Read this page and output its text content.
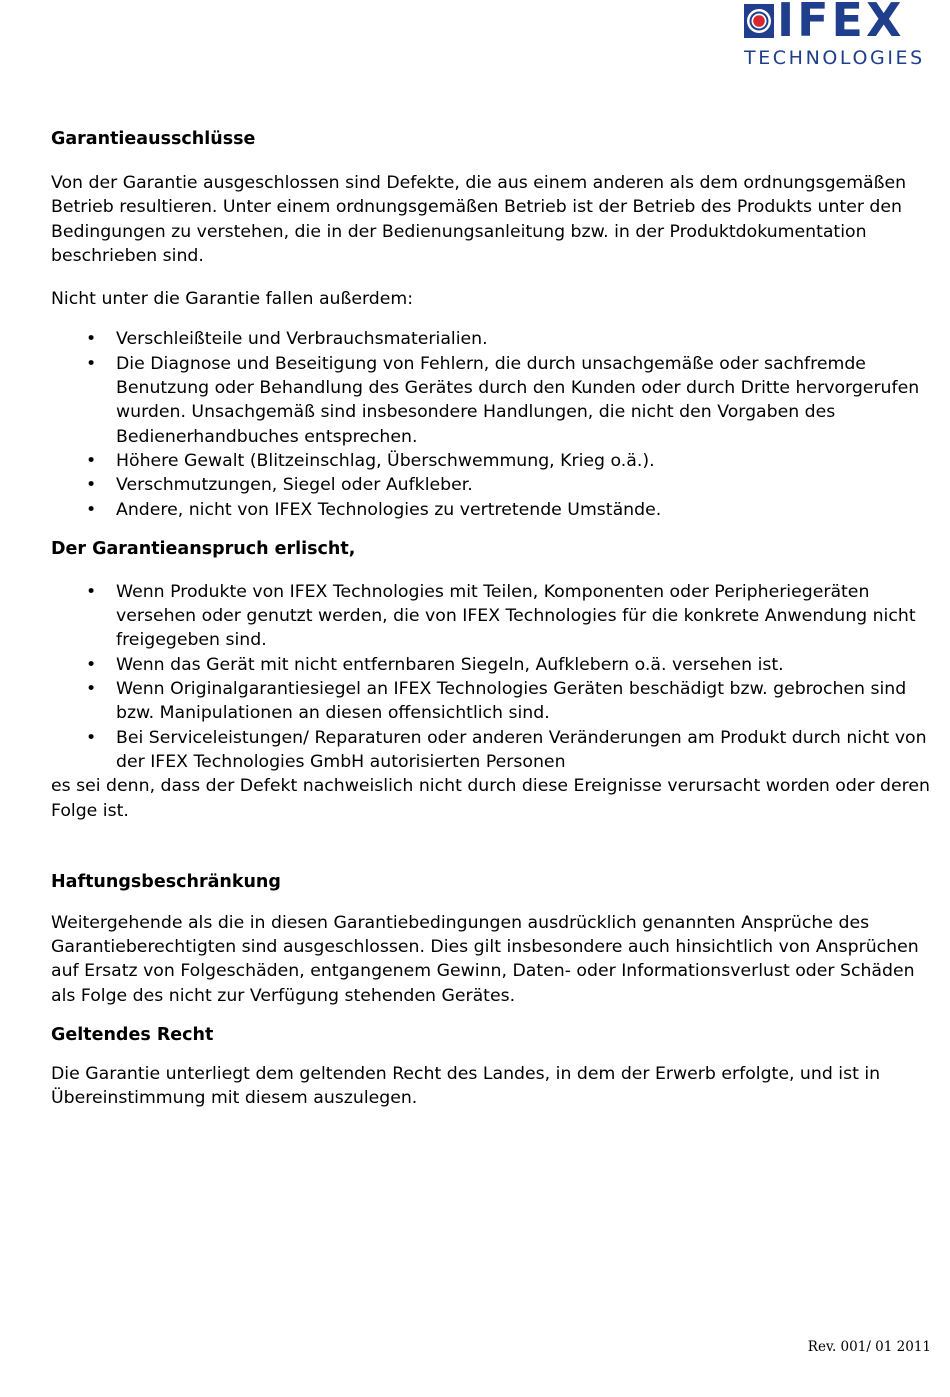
IFEX
TECHNOLOGIES
Garantieausschlüsse

Von der Garantie ausgeschlossen sind Defekte, die aus einem anderen als dem ordnungsgemäßen Betrieb resultieren. Unter einem ordnungsgemäßen Betrieb ist der Betrieb des Produkts unter den Bedingungen zu verstehen, die in der Bedienungsanleitung bzw. in der Produktdokumentation beschrieben sind.

Nicht unter die Garantie fallen außerdem:

• Verschleißteile und Verbrauchsmaterialien.
• Die Diagnose und Beseitigung von Fehlern, die durch unsachgemäße oder sachfremde Benutzung oder Behandlung des Gerätes durch den Kunden oder durch Dritte hervorgerufen wurden. Unsachgemäß sind insbesondere Handlungen, die nicht den Vorgaben des Bedienerhandbuches entsprechen.
• Höhere Gewalt (Blitzeinschlag, Überschwemmung, Krieg o.ä.).
• Verschmutzungen, Siegel oder Aufkleber.
• Andere, nicht von IFEX Technologies zu vertretende Umstände.
Der Garantieanspruch erlischt,
• Wenn Produkte von IFEX Technologies mit Teilen, Komponenten oder Peripheriegeräten versehen oder genutzt werden, die von IFEX Technologies für die konkrete Anwendung nicht freigegeben sind.
• Wenn das Gerät mit nicht entfernbaren Siegeln, Aufklebern o.ä. versehen ist.
• Wenn Originalgarantiesiegel an IFEX Technologies Geräten beschädigt bzw. gebrochen sind bzw. Manipulationen an diesen offensichtlich sind.
• Bei Serviceleistungen/ Reparaturen oder anderen Veränderungen am Produkt durch nicht von der IFEX Technologies GmbH autorisierten Personen

es sei denn, dass der Defekt nachweislich nicht durch diese Ereignisse verursacht worden oder deren Folge ist.

Haftungsbeschränkung

Weitergehende als die in diesen Garantiebedingungen ausdrücklich genannten Ansprüche des Garantieberechtigten sind ausgeschlossen. Dies gilt insbesondere auch hinsichtlich von Ansprüchen auf Ersatz von Folgeschäden, entgangenem Gewinn, Daten- oder Informationsverlust oder Schäden als Folge des nicht zur Verfügung stehenden Gerätes.

Geltendes Recht

Die Garantie unterliegt dem geltenden Recht des Landes, in dem der Erwerb erfolgte, und ist in Übereinstimmung mit diesem auszulegen.

Rev. 001/ 01 2011
